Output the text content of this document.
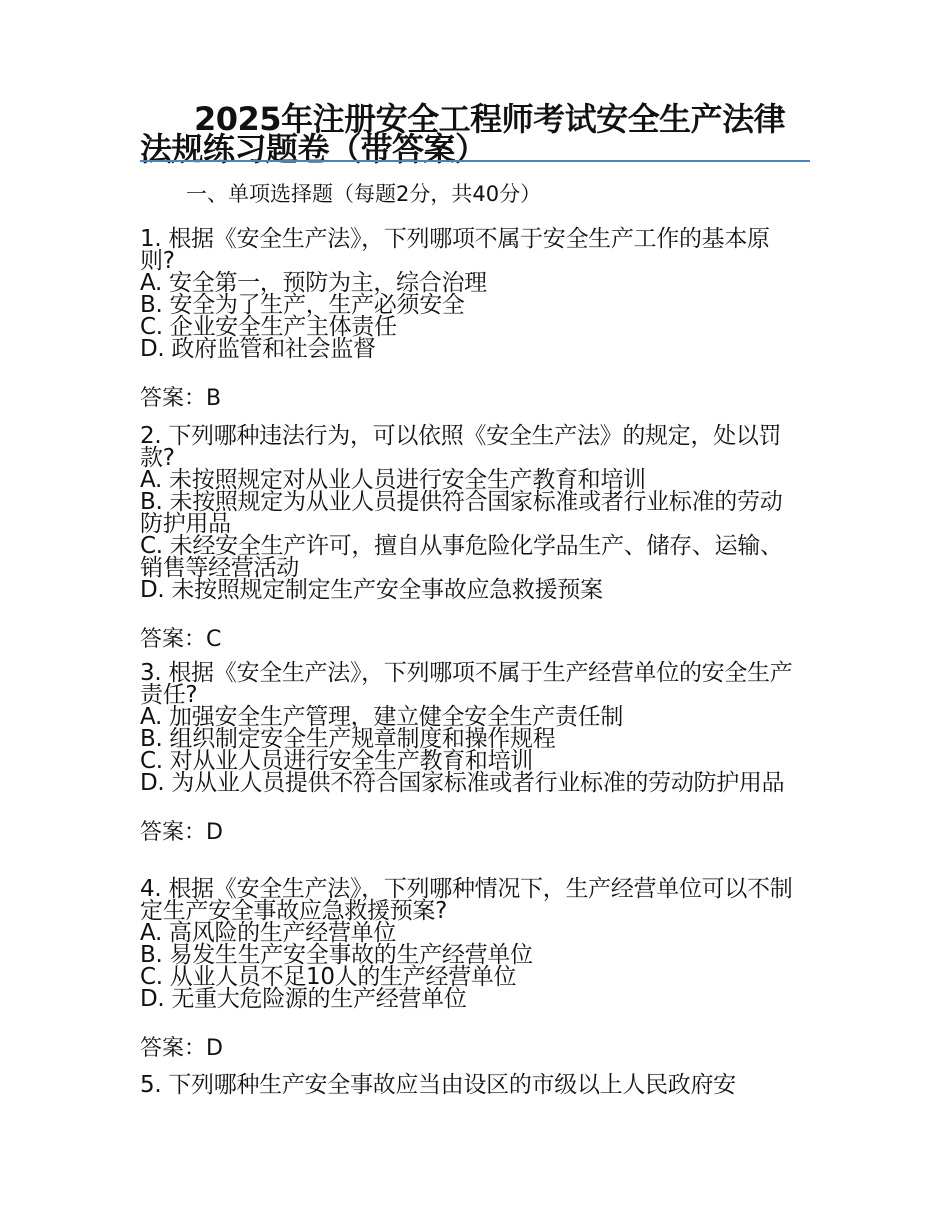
2025年注册安全工程师考试安全生产法律法规练习题卷（带答案）

一、单项选择题（每题2分，共40分）

1. 根据《安全生产法》，下列哪项不属于安全生产工作的基本原则?

A. 安全第一，预防为主，综合治理

B. 安全为了生产，生产必须安全

C. 企业安全生产主体责任

D. 政府监管和社会监督

答案：B

2. 下列哪种违法行为，可以依照《安全生产法》的规定，处以罚款?

A. 未按照规定对从业人员进行安全生产教育和培训

B. 未按照规定为从业人员提供符合国家标准或者行业标准的劳动防护用品

C. 未经安全生产许可，擅自从事危险化学品生产、储存、运输、销售等经营活动

D. 未按照规定制定生产安全事故应急救援预案

答案：C

3. 根据《安全生产法》，下列哪项不属于生产经营单位的安全生产责任?

A. 加强安全生产管理，建立健全安全生产责任制

B. 组织制定安全生产规章制度和操作规程

C. 对从业人员进行安全生产教育和培训

D. 为从业人员提供不符合国家标准或者行业标准的劳动防护用品

答案：D

4. 根据《安全生产法》，下列哪种情况下，生产经营单位可以不制定生产安全事故应急救援预案?

A. 高风险的生产经营单位

B. 易发生生产安全事故的生产经营单位

C. 从业人员不足10人的生产经营单位

D. 无重大危险源的生产经营单位

答案：D

5. 下列哪种生产安全事故应当由设区的市级以上人民政府安
